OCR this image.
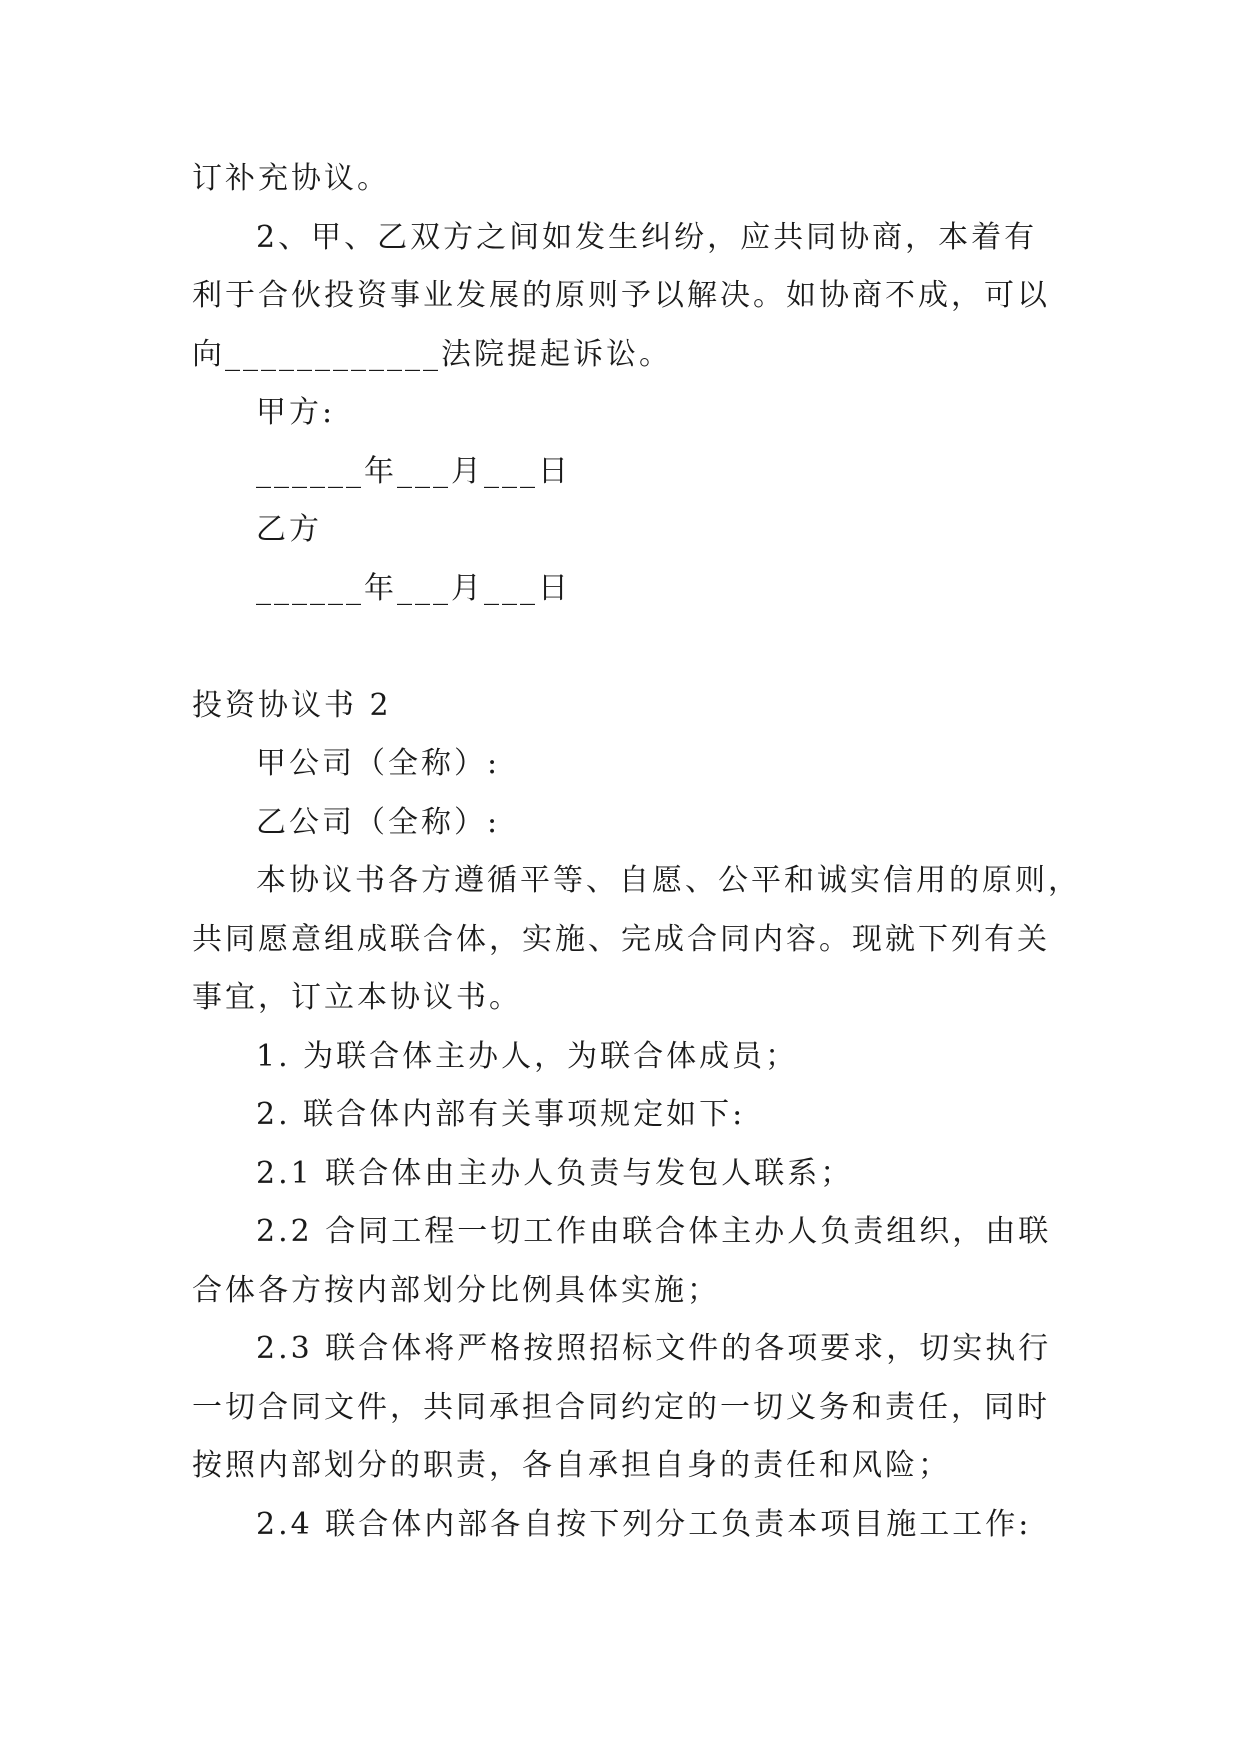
订补充协议。
2、甲、乙双方之间如发生纠纷，应共同协商，本着有
利于合伙投资事业发展的原则予以解决。如协商不成，可以
向____________法院提起诉讼。
甲方:
______年___月___日
乙方
______年___月___日
投资协议书 2
甲公司（全称）:
乙公司（全称）:
本协议书各方遵循平等、自愿、公平和诚实信用的原则，
共同愿意组成联合体，实施、完成合同内容。现就下列有关
事宜，订立本协议书。
1. 为联合体主办人，为联合体成员；
2. 联合体内部有关事项规定如下:
2.1 联合体由主办人负责与发包人联系；
2.2 合同工程一切工作由联合体主办人负责组织，由联
合体各方按内部划分比例具体实施；
2.3 联合体将严格按照招标文件的各项要求，切实执行
一切合同文件，共同承担合同约定的一切义务和责任，同时
按照内部划分的职责，各自承担自身的责任和风险；
2.4 联合体内部各自按下列分工负责本项目施工工作:
